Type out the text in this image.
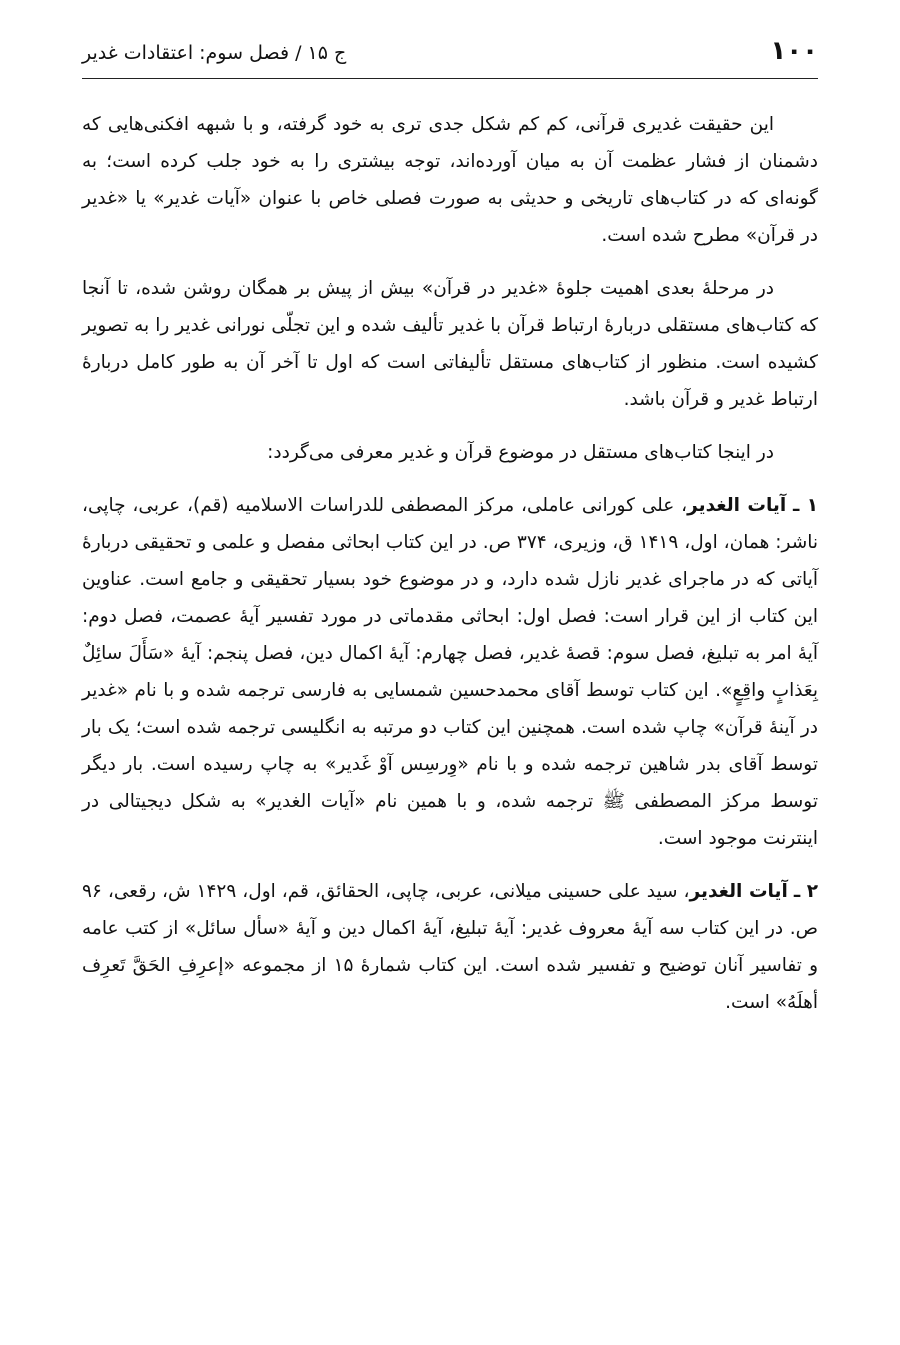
۱۰۰
ج ۱۵ / فصل سوم: اعتقادات غدیر

این حقیقت غدیری قرآنی، کم کم شکل جدی تری به خود گرفته، و با شبهه افکنی‌هایی که دشمنان از فشار عظمت آن به میان آورده‌اند، توجه بیشتری را به خود جلب کرده است؛ به گونه‌ای که در کتاب‌های تاریخی و حدیثی به صورت فصلی خاص با عنوان «آیات غدیر» یا «غدیر در قرآن» مطرح شده است.

در مرحلۀ بعدی اهمیت جلوۀ «غدیر در قرآن» بیش از پیش بر همگان روشن شده، تا آنجا که کتاب‌های مستقلی دربارۀ ارتباط قرآن با غدیر تألیف شده و این تجلّی نورانی غدیر را به تصویر کشیده است. منظور از کتاب‌های مستقل تألیفاتی است که اول تا آخر آن به طور کامل دربارۀ ارتباط غدیر و قرآن باشد.

در اینجا کتاب‌های مستقل در موضوع قرآن و غدیر معرفی می‌گردد:

۱ ـ آیات الغدیر، علی کورانی عاملی، مرکز المصطفی للدراسات الاسلامیه (قم)، عربی، چاپی، ناشر: همان، اول، ۱۴۱۹ ق، وزیری، ۳۷۴ ص. در این کتاب ابحاثی مفصل و علمی و تحقیقی دربارۀ آیاتی که در ماجرای غدیر نازل شده دارد، و در موضوع خود بسیار تحقیقی و جامع است. عناوین این کتاب از این قرار است: فصل اول: ابحاثی مقدماتی در مورد تفسیر آیۀ عصمت، فصل دوم: آیۀ امر به تبلیغ، فصل سوم: قصۀ غدیر، فصل چهارم: آیۀ اکمال دین، فصل پنجم: آیۀ «سَأَلَ سائِلٌ بِعَذابٍ واقِعٍ». این کتاب توسط آقای محمدحسین شمسایی به فارسی ترجمه شده و با نام «غدیر در آینۀ قرآن» چاپ شده است. همچنین این کتاب دو مرتبه به انگلیسی ترجمه شده است؛ یک بار توسط آقای بدر شاهین ترجمه شده و با نام «وِرسِس آوْ غَدیر» به چاپ رسیده است. بار دیگر توسط مرکز المصطفی ﷺ ترجمه شده، و با همین نام «آیات الغدیر» به شکل دیجیتالی در اینترنت موجود است.

۲ ـ آیات الغدیر، سید علی حسینی میلانی، عربی، چاپی، الحقائق، قم، اول، ۱۴۲۹ ش، رقعی، ۹۶ ص. در این کتاب سه آیۀ معروف غدیر: آیۀ تبلیغ، آیۀ اکمال دین و آیۀ «سأل سائل» از کتب عامه و تفاسیر آنان توضیح و تفسیر شده است. این کتاب شمارۀ ۱۵ از مجموعه «إعرِفِ الحَقَّ تَعرِف أهلَهُ» است.
